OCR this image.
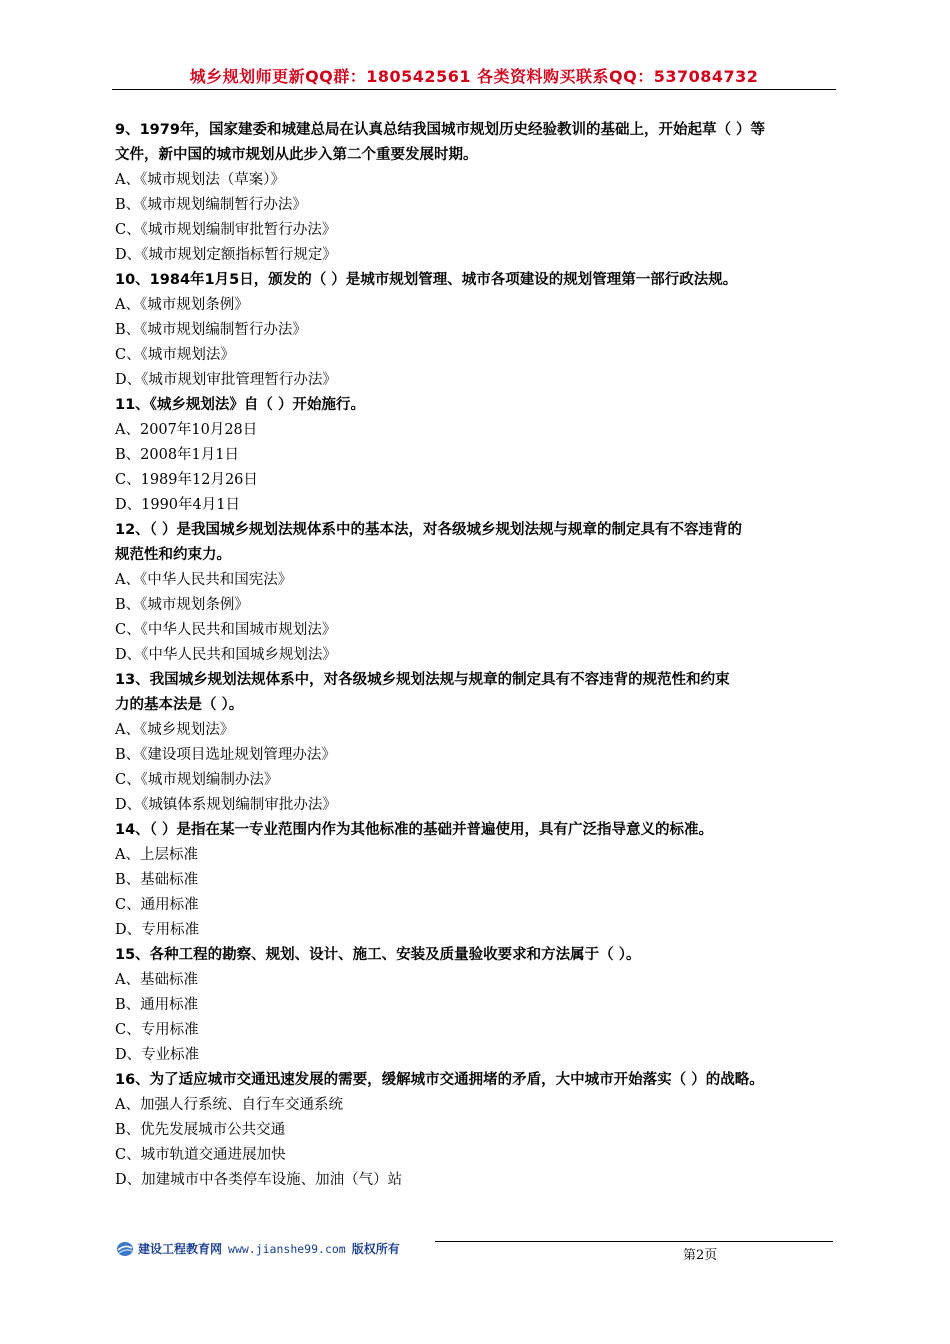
城乡规划师更新QQ群：180542561 各类资料购买联系QQ：537084732
9、1979年，国家建委和城建总局在认真总结我国城市规划历史经验教训的基础上，开始起草（ ）等
文件，新中国的城市规划从此步入第二个重要发展时期。
A、《城市规划法（草案）》
B、《城市规划编制暂行办法》
C、《城市规划编制审批暂行办法》
D、《城市规划定额指标暂行规定》
10、1984年1月5日，颁发的（ ）是城市规划管理、城市各项建设的规划管理第一部行政法规。
A、《城市规划条例》
B、《城市规划编制暂行办法》
C、《城市规划法》
D、《城市规划审批管理暂行办法》
11、《城乡规划法》自（ ）开始施行。
A、2007年10月28日
B、2008年1月1日
C、1989年12月26日
D、1990年4月1日
12、（ ）是我国城乡规划法规体系中的基本法，对各级城乡规划法规与规章的制定具有不容违背的
规范性和约束力。
A、《中华人民共和国宪法》
B、《城市规划条例》
C、《中华人民共和国城市规划法》
D、《中华人民共和国城乡规划法》
13、我国城乡规划法规体系中，对各级城乡规划法规与规章的制定具有不容违背的规范性和约束
力的基本法是（ ）。
A、《城乡规划法》
B、《建设项目选址规划管理办法》
C、《城市规划编制办法》
D、《城镇体系规划编制审批办法》
14、（ ）是指在某一专业范围内作为其他标准的基础并普遍使用，具有广泛指导意义的标准。
A、上层标准
B、基础标准
C、通用标准
D、专用标准
15、各种工程的勘察、规划、设计、施工、安装及质量验收要求和方法属于（ ）。
A、基础标准
B、通用标准
C、专用标准
D、专业标准
16、为了适应城市交通迅速发展的需要，缓解城市交通拥堵的矛盾，大中城市开始落实（ ）的战略。
A、加强人行系统、自行车交通系统
B、优先发展城市公共交通
C、城市轨道交通进展加快
D、加建城市中各类停车设施、加油（气）站
建设工程教育网 www.jianshe99.com 版权所有	第2页
